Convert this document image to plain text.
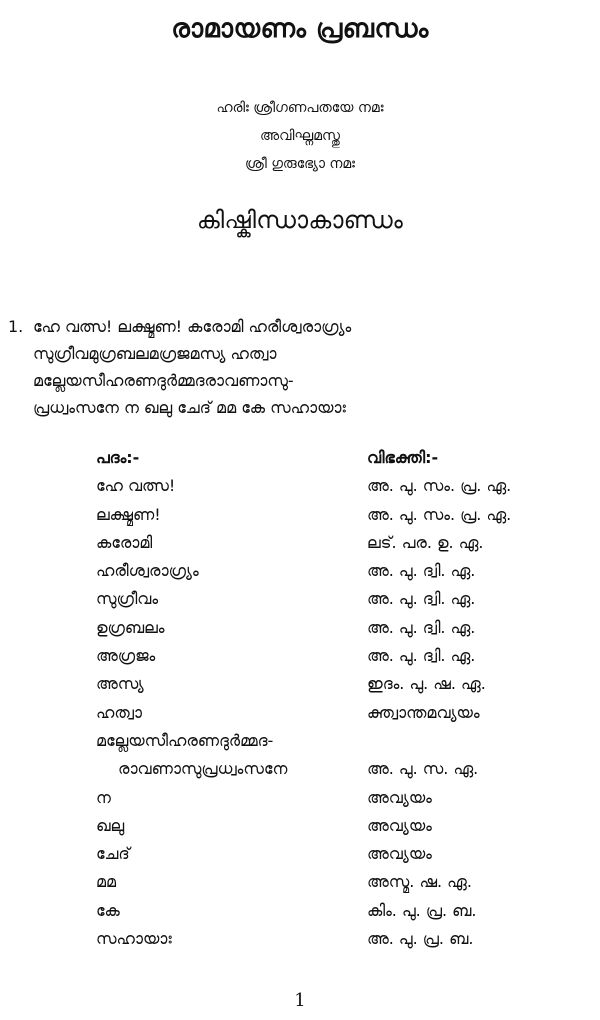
രാമായണം പ്രബന്ധം
ഹരിഃ ശ്രീഗണപതയേ നമഃ
അവിഘ്നമസ്തു
ശ്രീ ഗുരുഭ്യോ നമഃ
കിഷ്കിന്ധാകാണ്ഡം
1. ഹേ വത്സ! ലക്ഷ്മണ! കരോമി ഹരീശ്വരാഗ്ര്യം
സുഗ്രീവമുഗ്രബലമഗ്രജമസ്യ ഹത്വാ
മല്ലേയസീഹരണദുർമ്മദരാവണാസു-
പ്രധ്വംസനേ ന ഖലു ചേദ് മമ കേ സഹായാഃ
പദം:-	വിഭക്തി:-
ഹേ വത്സ!	അ. പു. സം. പ്ര. ഏ.
ലക്ഷ്മണ!	അ. പു. സം. പ്ര. ഏ.
കരോമി	ലട്. പര. ഉ. ഏ.
ഹരീശ്വരാഗ്ര്യം	അ. പു. ദ്വി. ഏ.
സുഗ്രീവം	അ. പു. ദ്വി. ഏ.
ഉഗ്രബലം	അ. പു. ദ്വി. ഏ.
അഗ്രജം	അ. പു. ദ്വി. ഏ.
അസ്യ	ഇദം. പു. ഷ. ഏ.
ഹത്വാ	ക്ത്വാന്തമവ്യയം
മല്ലേയസീഹരണദുർമ്മദ-
രാവണാസുപ്രധ്വംസനേ	അ. പു. സ. ഏ.
ന	അവ്യയം
ഖലു	അവ്യയം
ചേദ്	അവ്യയം
മമ	അസ്മ. ഷ. ഏ.
കേ	കിം. പു. പ്ര. ബ.
സഹായാഃ	അ. പു. പ്ര. ബ.
1
